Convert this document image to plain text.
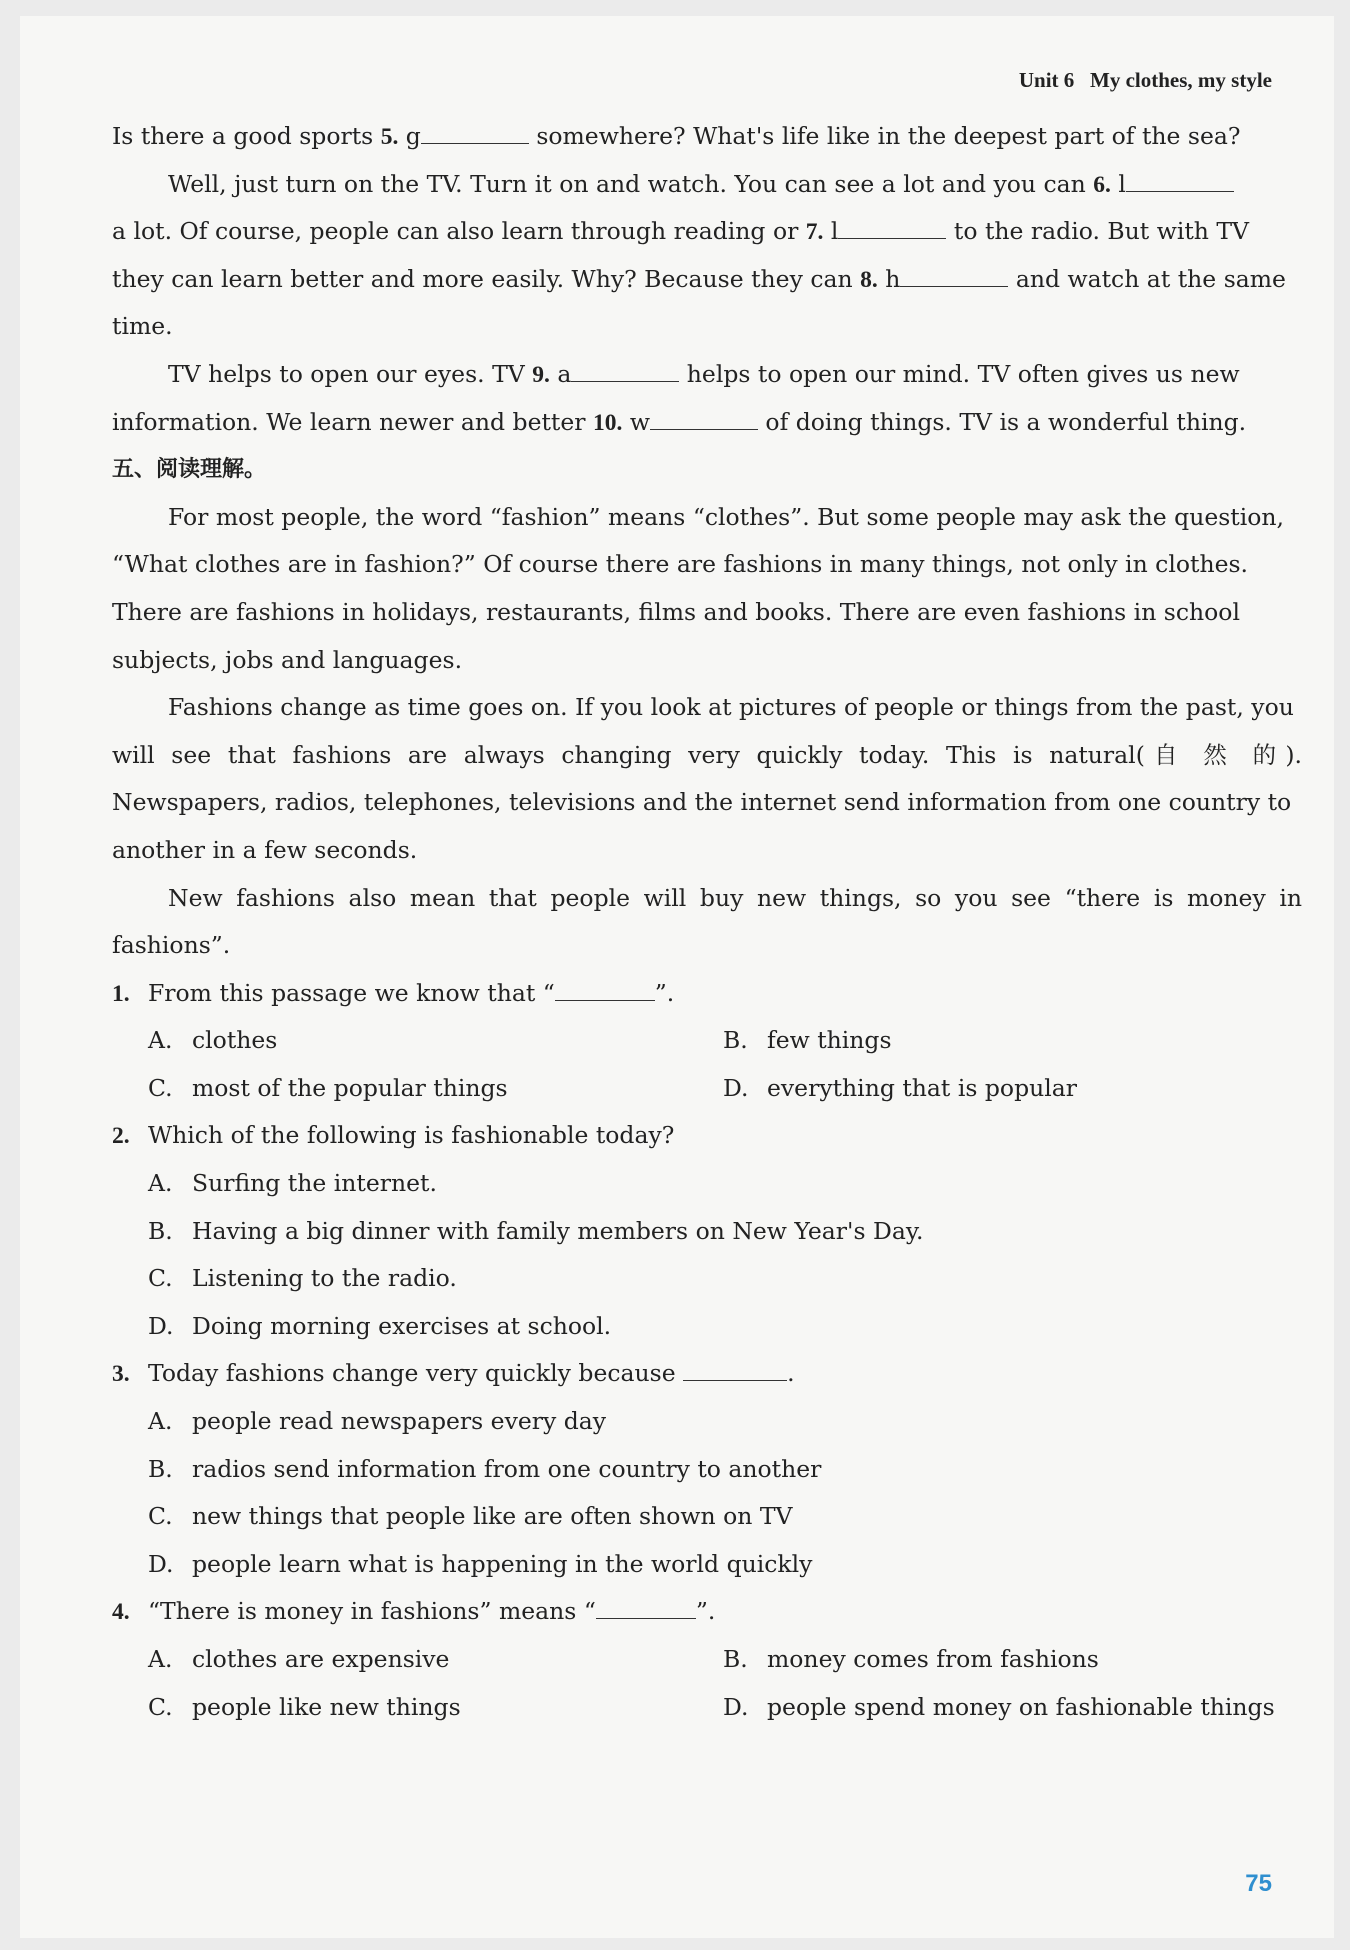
Unit 6   My clothes, my style
Is there a good sports 5. g	somewhere? What's life like in the deepest part of the sea?
Well, just turn on the TV. Turn it on and watch. You can see a lot and you can 6. l
a lot. Of course, people can also learn through reading or 7. l	to the radio. But with TV
they can learn better and more easily. Why? Because they can 8. h	and watch at the same
time.
TV helps to open our eyes. TV 9. a	helps to open our mind. TV often gives us new
information. We learn newer and better 10. w	of doing things. TV is a wonderful thing.
五、阅读理解。
For most people, the word “fashion” means “clothes”. But some people may ask the question,
“What clothes are in fashion?” Of course there are fashions in many things, not only in clothes.
There are fashions in holidays, restaurants, films and books. There are even fashions in school
subjects, jobs and languages.
Fashions change as time goes on. If you look at pictures of people or things from the past, you
will see that fashions are always changing very quickly today. This is natural(自 然 的).
Newspapers, radios, telephones, televisions and the internet send information from one country to
another in a few seconds.
New fashions also mean that people will buy new things, so you see “there is money in
fashions”.
1. From this passage we know that “	”.
A. clothes	B. few things
C. most of the popular things	D. everything that is popular
2. Which of the following is fashionable today?
A. Surfing the internet.
B. Having a big dinner with family members on New Year's Day.
C. Listening to the radio.
D. Doing morning exercises at school.
3. Today fashions change very quickly because	.
A. people read newspapers every day
B. radios send information from one country to another
C. new things that people like are often shown on TV
D. people learn what is happening in the world quickly
4. “There is money in fashions” means “	”.
A. clothes are expensive	B. money comes from fashions
C. people like new things	D. people spend money on fashionable things
75
